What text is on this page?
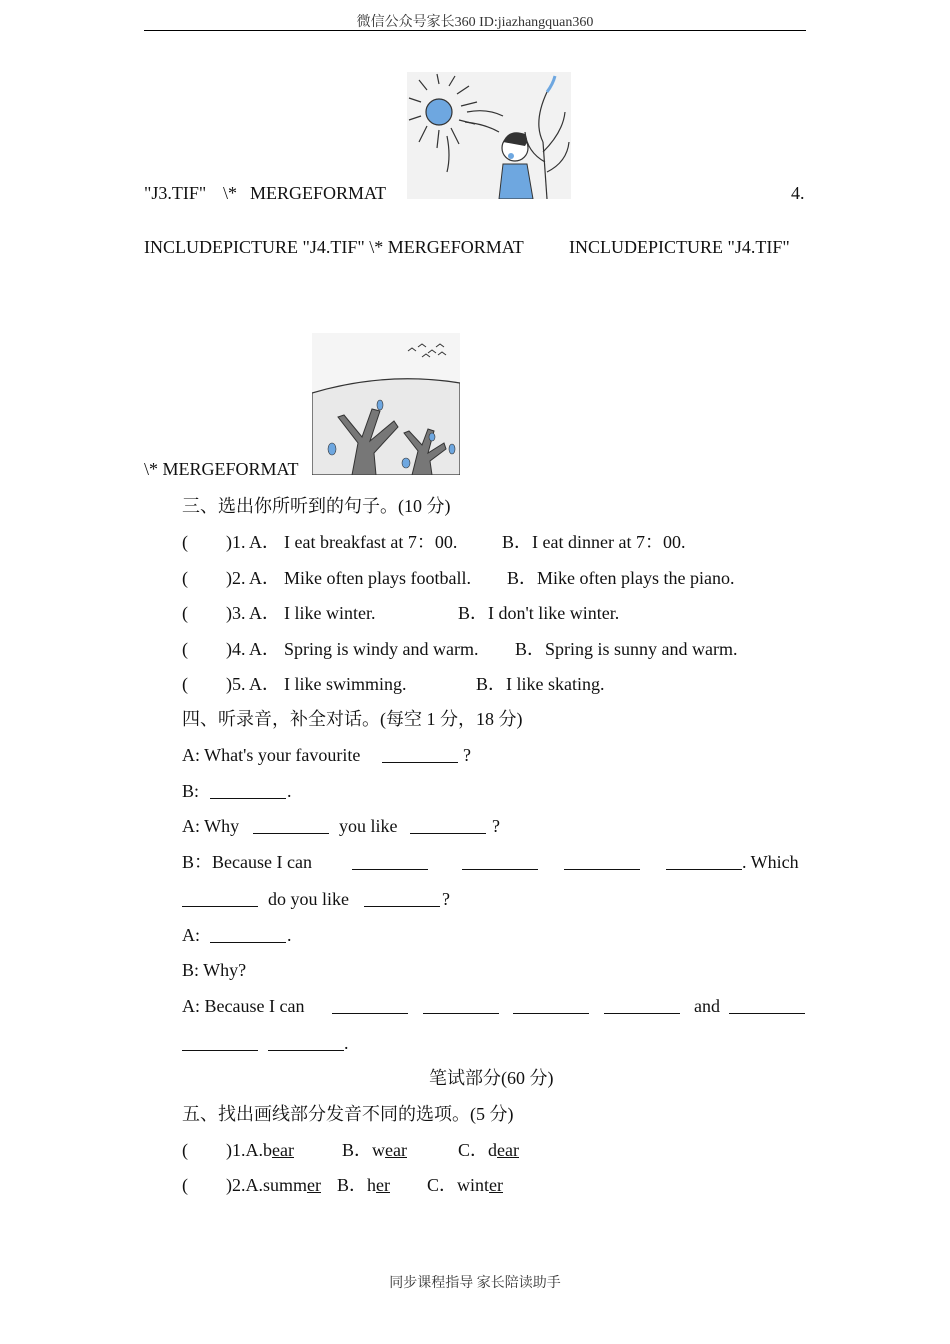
微信公众号家长360 ID:jiazhangquan360
"J3.TIF" \* MERGEFORMAT	4.
INCLUDEPICTURE "J4.TIF" \* MERGEFORMAT	INCLUDEPICTURE "J4.TIF"
\* MERGEFORMAT
三、选出你所听到的句子。(10 分)
( )1. A． I eat breakfast at 7：00. B．I eat dinner at 7：00.
( )2. A． Mike often plays football. B．Mike often plays the piano.
( )3. A． I like winter.	B．I don't like winter.
( )4. A． Spring is windy and warm. B．Spring is sunny and warm.
( )5. A． I like swimming.	B．I like skating.
四、听录音，补全对话。(每空 1 分，18 分)
A: What's your favourite	?
B:	.
A: Why	you like	?
B：Because I can	. Which
do you like	?
A:	.
B: Why?
A: Because I can	and
.
笔试部分(60 分)
五、找出画线部分发音不同的选项。(5 分)
( )1.A.bear	B．wear	C．dear
( )2.A.summer B．her C．winter
同步课程指导 家长陪读助手
